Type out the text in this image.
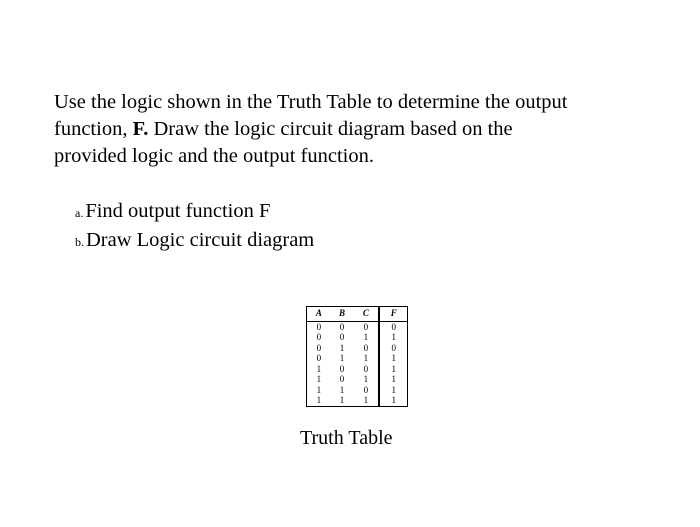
Use the logic shown in the Truth Table to determine the output
function, F. Draw the logic circuit diagram based on the
provided logic and the output function.
a.Find output function F
b.Draw Logic circuit diagram
A	B	C	F
0	0	0	0
0	0	1	1
0	1	0	0
0	1	1	1
1	0	0	1
1	0	1	1
1	1	0	1
1	1	1	1
Truth Table
